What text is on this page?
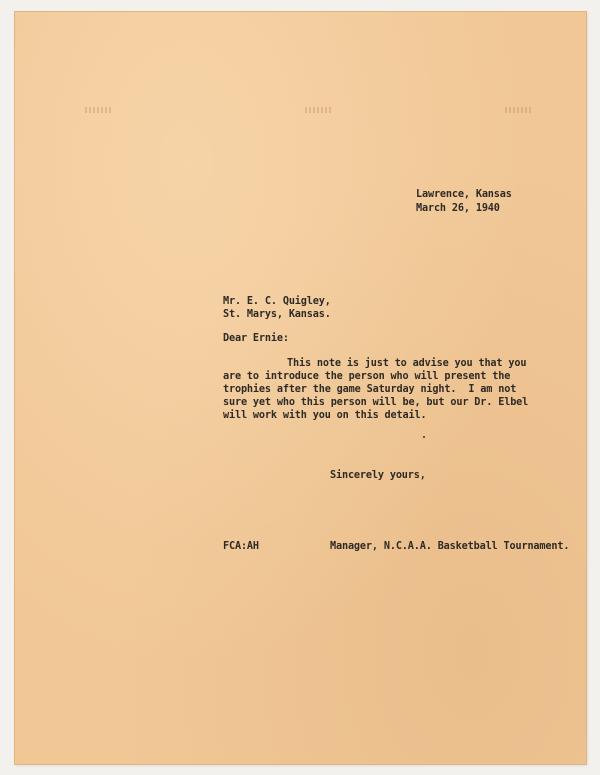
Lawrence, Kansas
March 26, 1940
Mr. E. C. Quigley,
St. Marys, Kansas.
Dear Ernie:
This note is just to advise you that you
are to introduce the person who will present the
trophies after the game Saturday night.  I am not
sure yet who this person will be, but our Dr. Elbel
will work with you on this detail.
Sincerely yours,
FCA:AH	Manager, N.C.A.A. Basketball Tournament.
